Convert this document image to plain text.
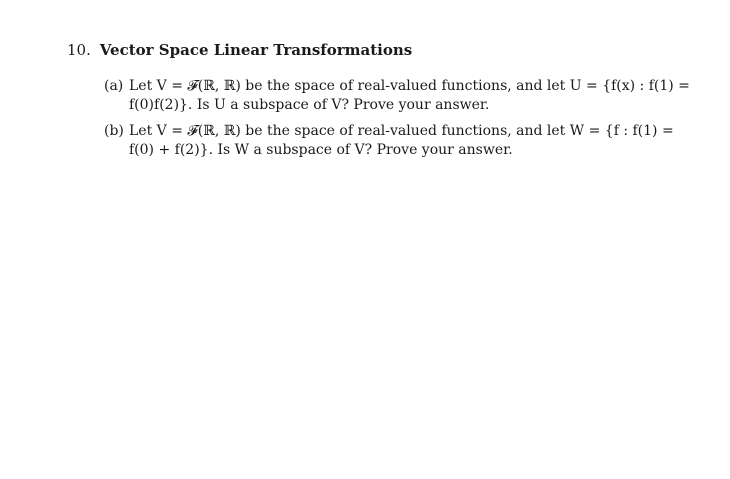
10. Vector Space Linear Transformations
(a) Let V = 𝓕(ℝ, ℝ) be the space of real-valued functions, and let U = {f(x) : f(1) =
f(0)f(2)}. Is U a subspace of V? Prove your answer.
(b) Let V = 𝓕(ℝ, ℝ) be the space of real-valued functions, and let W = {f : f(1) =
f(0) + f(2)}. Is W a subspace of V? Prove your answer.
